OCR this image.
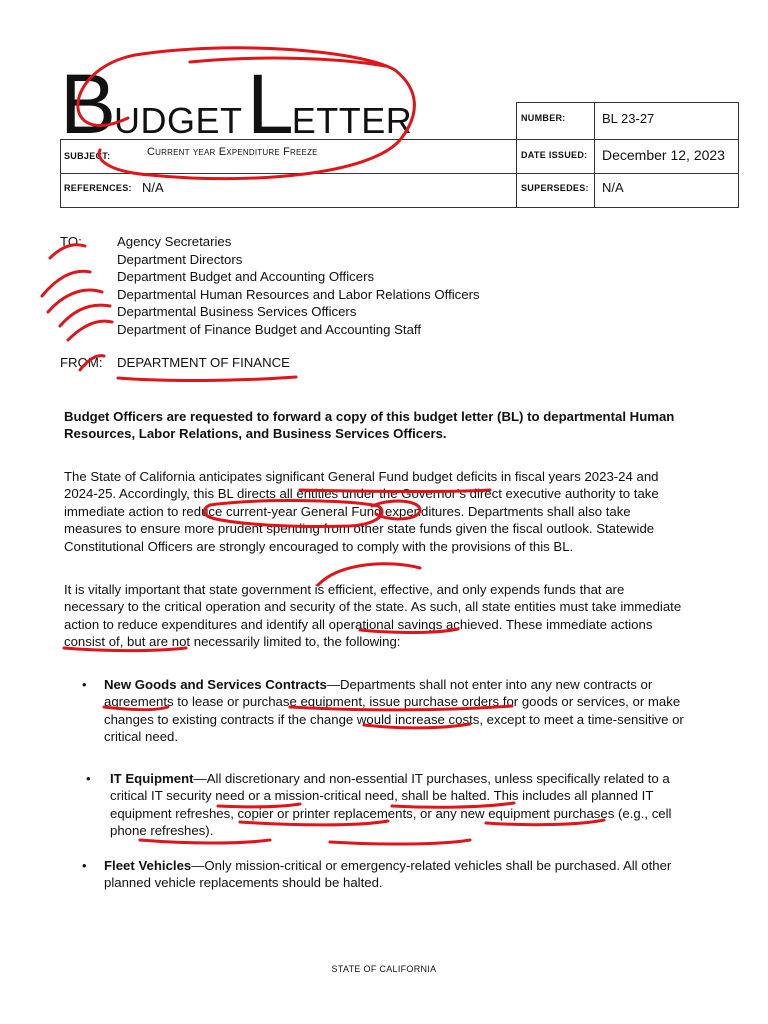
BUDGET LETTER	NUMBER:	BL 23-27
DATE ISSUED: December 12, 2023
SUPERSEDES: N/A
SUBJECT:	Current year Expenditure Freeze
REFERENCES: N/A
TO:	Agency Secretaries
Department Directors
Department Budget and Accounting Officers
Departmental Human Resources and Labor Relations Officers
Departmental Business Services Officers
Department of Finance Budget and Accounting Staff
FROM: DEPARTMENT OF FINANCE
Budget Officers are requested to forward a copy of this budget letter (BL) to departmental Human Resources, Labor Relations, and Business Services Officers.
The State of California anticipates significant General Fund budget deficits in fiscal years 2023-24 and 2024-25. Accordingly, this BL directs all entities under the Governor’s direct executive authority to take immediate action to reduce current-year General Fund expenditures. Departments shall also take measures to ensure more prudent spending from other state funds given the fiscal outlook. Statewide Constitutional Officers are strongly encouraged to comply with the provisions of this BL.
It is vitally important that state government is efficient, effective, and only expends funds that are necessary to the critical operation and security of the state. As such, all state entities must take immediate action to reduce expenditures and identify all operational savings achieved. These immediate actions consist of, but are not necessarily limited to, the following:
• New Goods and Services Contracts—Departments shall not enter into any new contracts or agreements to lease or purchase equipment, issue purchase orders for goods or services, or make changes to existing contracts if the change would increase costs, except to meet a time-sensitive or critical need.
• IT Equipment—All discretionary and non-essential IT purchases, unless specifically related to a critical IT security need or a mission-critical need, shall be halted. This includes all planned IT equipment refreshes, copier or printer replacements, or any new equipment purchases (e.g., cell phone refreshes).
• Fleet Vehicles—Only mission-critical or emergency-related vehicles shall be purchased. All other planned vehicle replacements should be halted.
STATE OF CALIFORNIA
